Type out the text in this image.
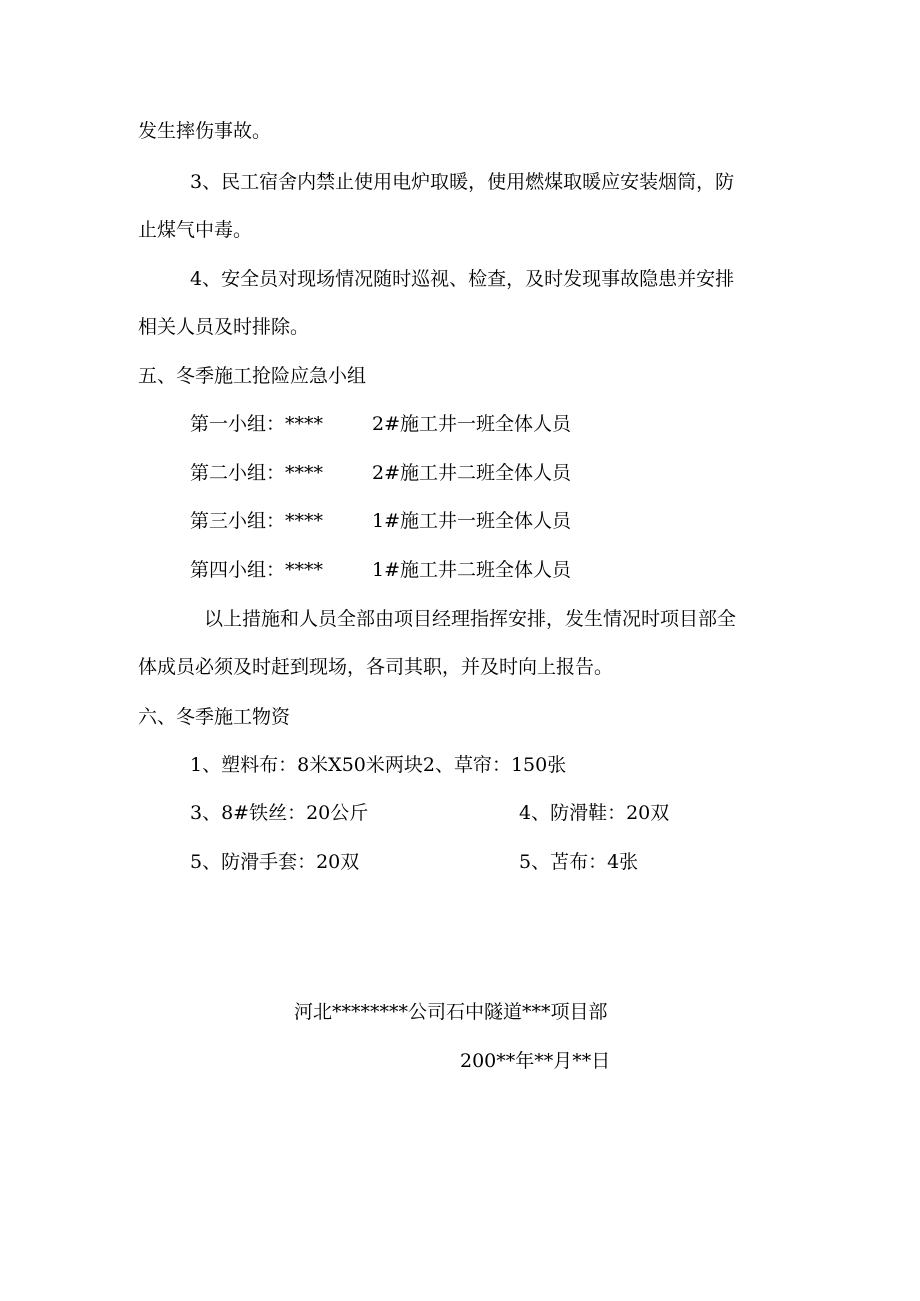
发生摔伤事故。
3、民工宿舍内禁止使用电炉取暖，使用燃煤取暖应安装烟筒，防
止煤气中毒。
4、安全员对现场情况随时巡视、检查，及时发现事故隐患并安排
相关人员及时排除。
五、冬季施工抢险应急小组
第一小组：****	2#施工井一班全体人员
第二小组：****	2#施工井二班全体人员
第三小组：****	1#施工井一班全体人员
第四小组：****	1#施工井二班全体人员
以上措施和人员全部由项目经理指挥安排，发生情况时项目部全
体成员必须及时赶到现场，各司其职，并及时向上报告。
六、冬季施工物资
1、塑料布：8米X50米两块2、草帘：150张
3、8#铁丝：20公斤	4、防滑鞋：20双
5、防滑手套：20双	5、苫布：4张
河北********公司石中隧道***项目部
200**年**月**日
